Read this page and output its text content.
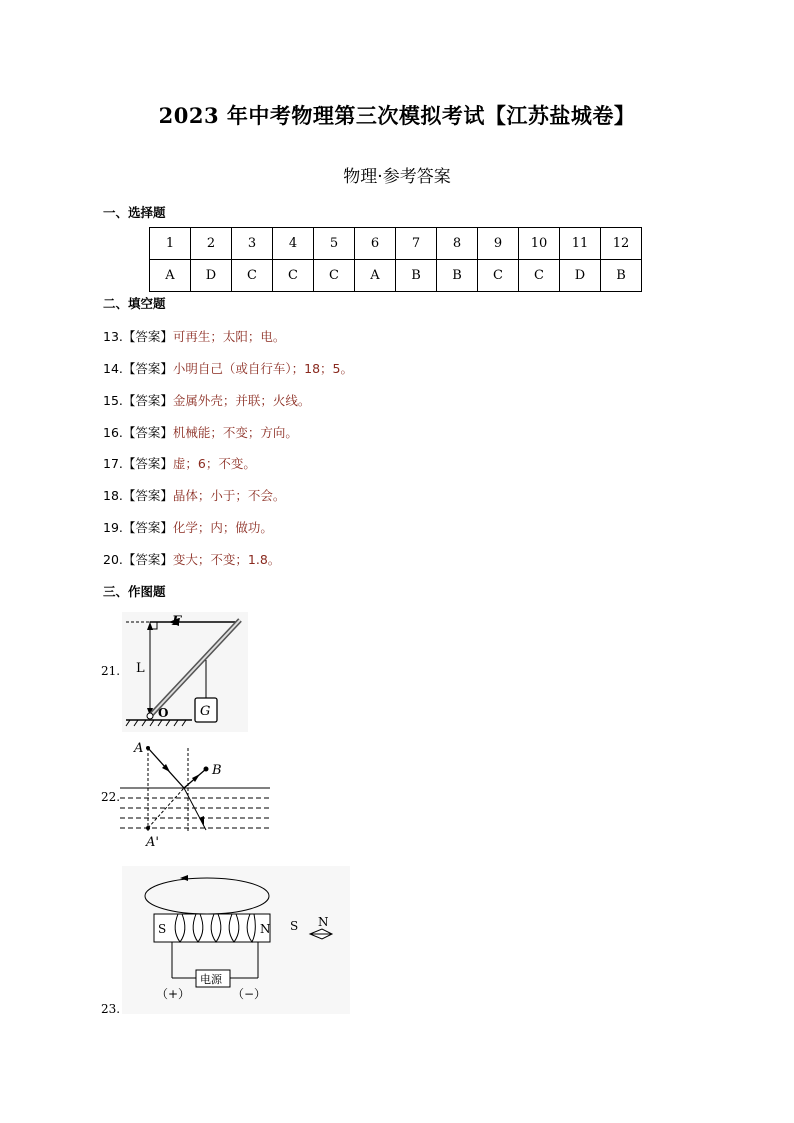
2023 年中考物理第三次模拟考试【江苏盐城卷】
物理·参考答案
一、选择题
1	2	3	4	5	6	7	8	9	10	11	12
A	D	C	C	C	A	B	B	C	C	D	B
二、填空题
13.【答案】可再生；太阳；电。
14.【答案】小明自己（或自行车）；18；5。
15.【答案】金属外壳；并联；火线。
16.【答案】机械能；不变；方向。
17.【答案】虚；6；不变。
18.【答案】晶体；小于；不会。
19.【答案】化学；内；做功。
20.【答案】变大；不变；1.8。
三、作图题
21.
F
L
O G
22.
A
B
A'
23.
S	N
电源
（+）	（−）
S N
